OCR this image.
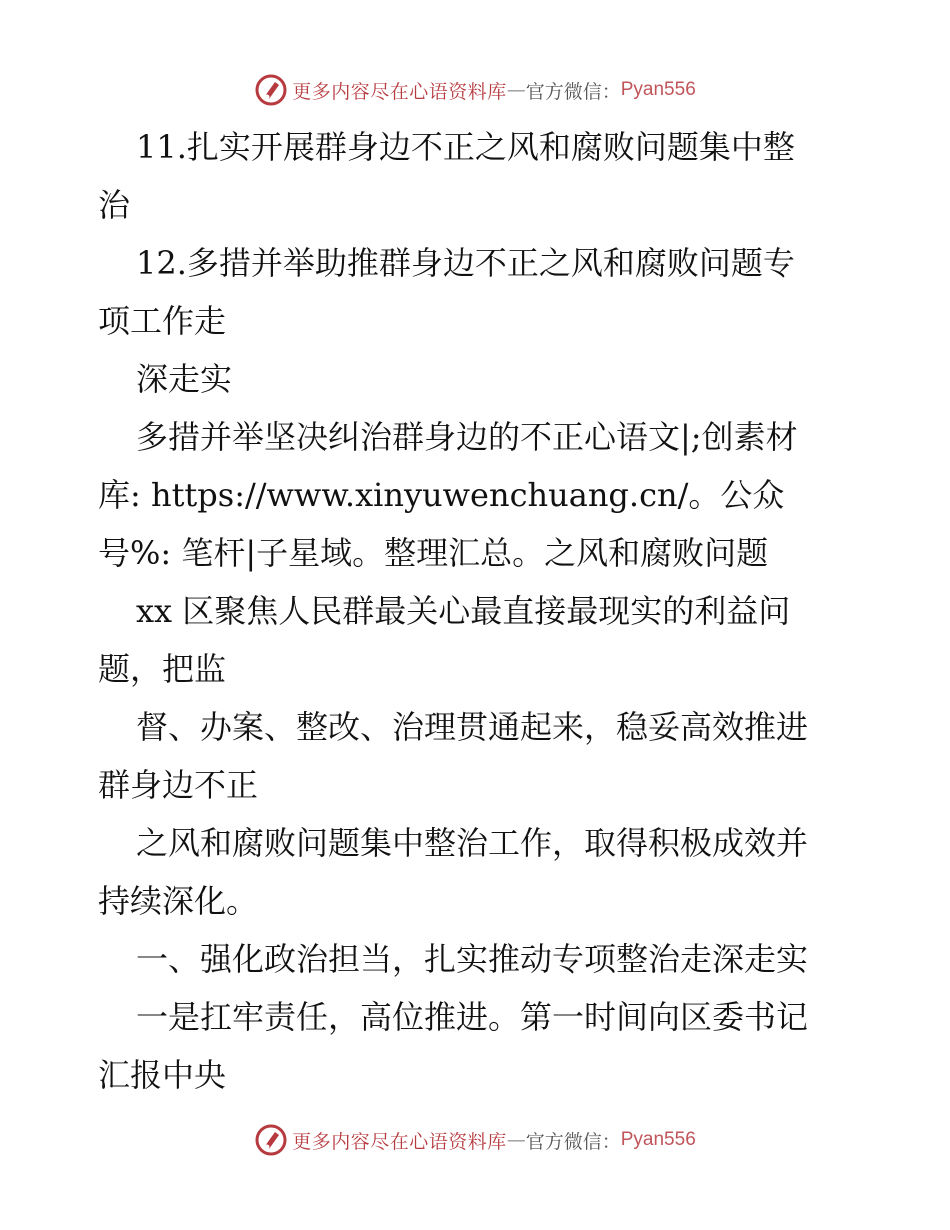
更多内容尽在心语资料库 — 官方微信： Pyan556
11.扎实开展群身边不正之风和腐败问题集中整
治
12.多措并举助推群身边不正之风和腐败问题专
项工作走
深走实
多措并举坚决纠治群身边的不正心语文|;创素材
库: https://www.xinyuwenchuang.cn/。公众
号%: 笔杆|子星域。整理汇总。之风和腐败问题
xx 区聚焦人民群最关心最直接最现实的利益问
题，把监
督、办案、整改、治理贯通起来，稳妥高效推进
群身边不正
之风和腐败问题集中整治工作，取得积极成效并
持续深化。
一、强化政治担当，扎实推动专项整治走深走实
一是扛牢责任，高位推进。第一时间向区委书记
汇报中央
更多内容尽在心语资料库 — 官方微信： Pyan556
